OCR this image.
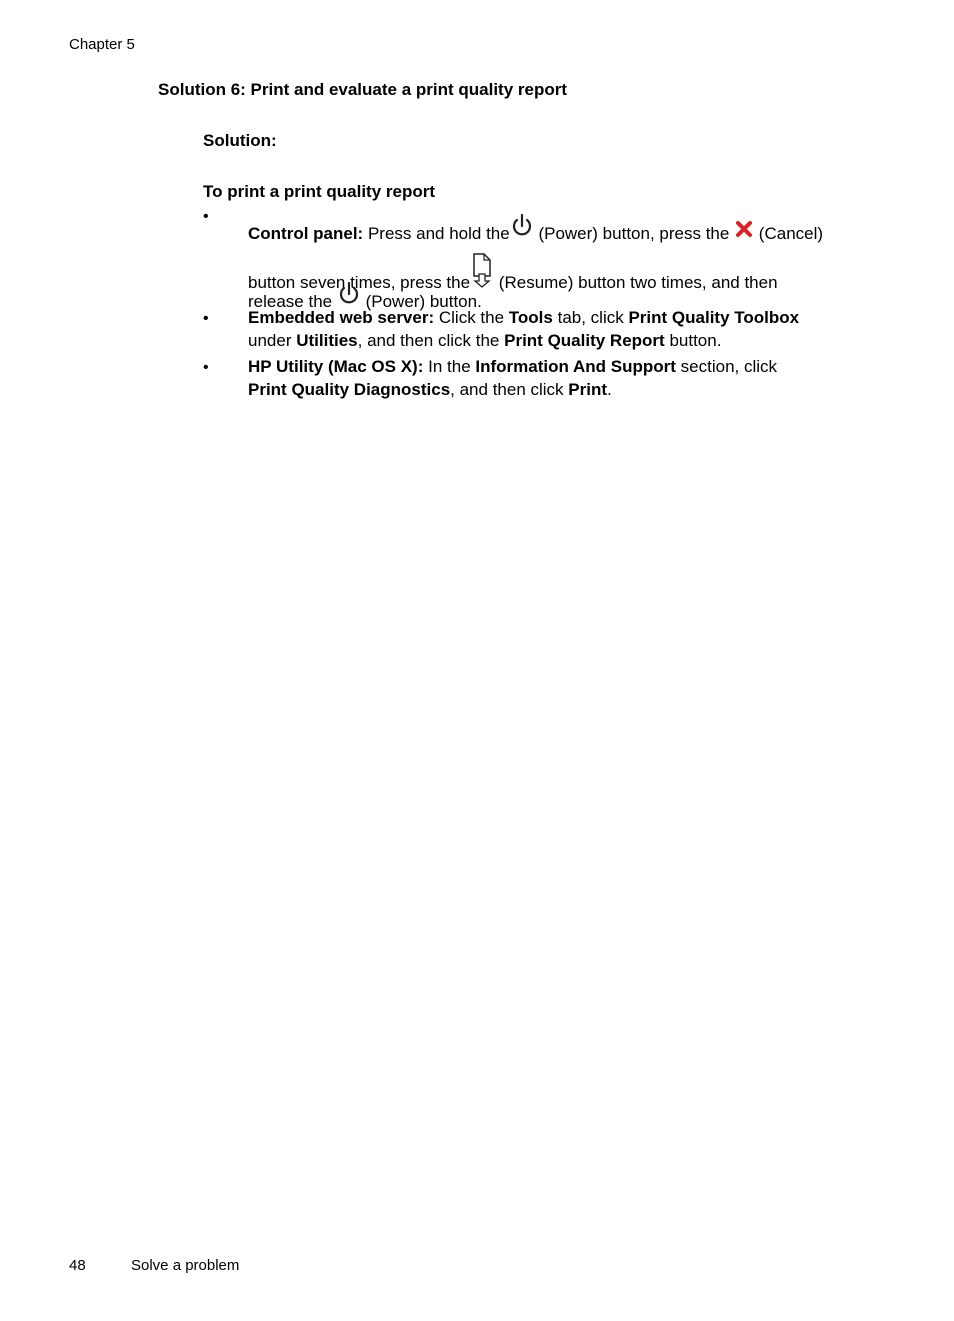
Chapter 5
Solution 6: Print and evaluate a print quality report
Solution:
To print a print quality report
•
Control panel: Press and hold the (Power) button, press the (Cancel)
button seven times, press the (Resume) button two times, and then
release the (Power) button.
• Embedded web server: Click the Tools tab, click Print Quality Toolbox
under Utilities, and then click the Print Quality Report button.
• HP Utility (Mac OS X): In the Information And Support section, click
Print Quality Diagnostics, and then click Print.
48	Solve a problem
